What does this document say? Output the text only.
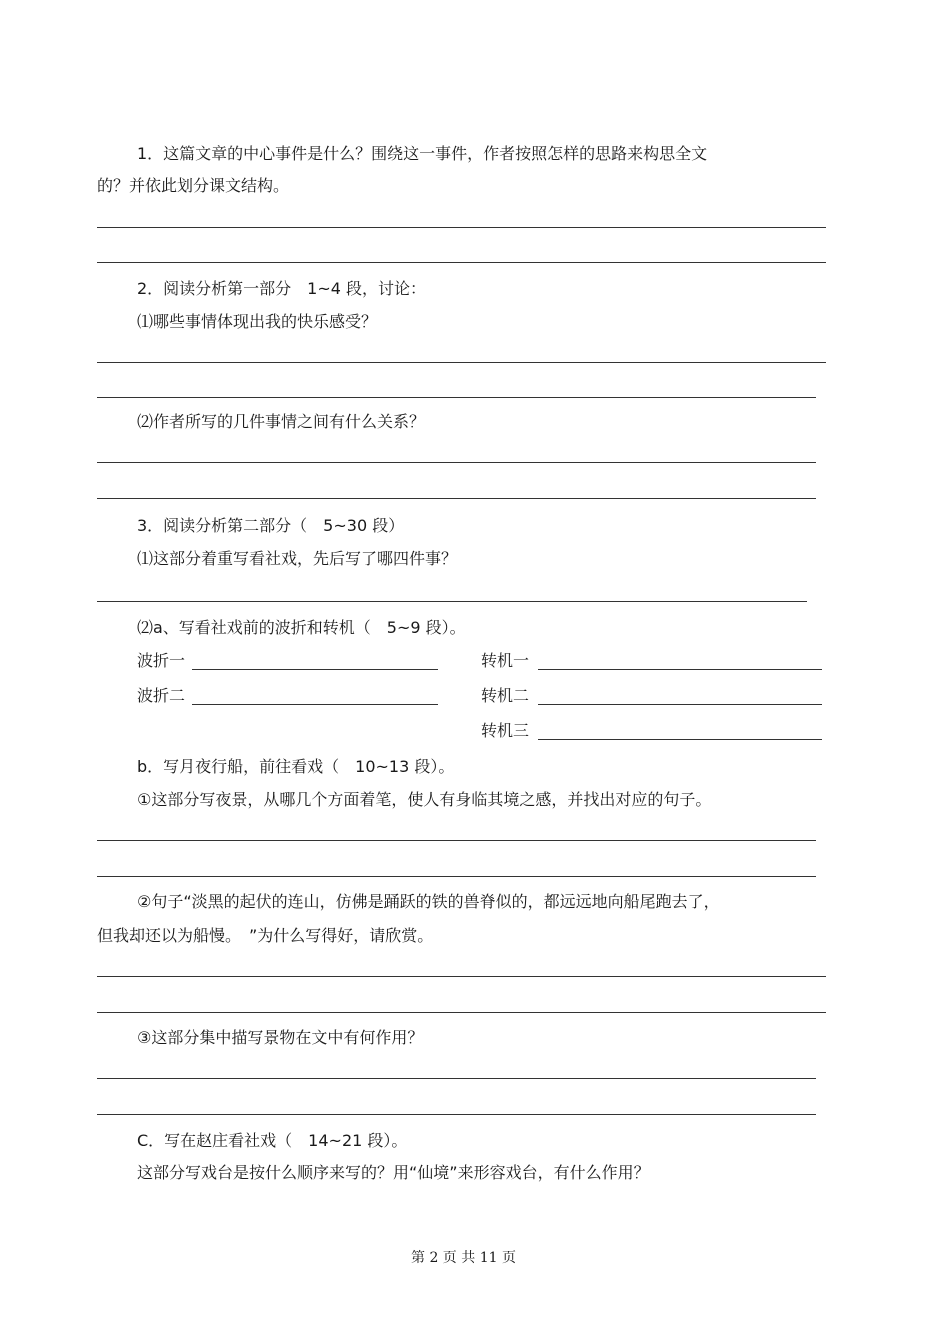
1．这篇文章的中心事件是什么？围绕这一事件，作者按照怎样的思路来构思全文
的？并依此划分课文结构。
2．阅读分析第一部分　1~4 段，讨论：
⑴哪些事情体现出我的快乐感受？
⑵作者所写的几件事情之间有什么关系？
3．阅读分析第二部分（　5~30 段）
⑴这部分着重写看社戏，先后写了哪四件事？
⑵a、写看社戏前的波折和转机（　5~9 段）。
波折一	转机一
波折二	转机二
转机三
b．写月夜行船，前往看戏（　10~13 段）。
①这部分写夜景，从哪几个方面着笔，使人有身临其境之感，并找出对应的句子。
②句子“淡黑的起伏的连山，仿佛是踊跃的铁的兽脊似的，都远远地向船尾跑去了，
但我却还以为船慢。　”为什么写得好，请欣赏。
③这部分集中描写景物在文中有何作用？
C．写在赵庄看社戏（　14~21 段）。
这部分写戏台是按什么顺序来写的？用“仙境”来形容戏台，有什么作用？
第 2 页 共 11 页
